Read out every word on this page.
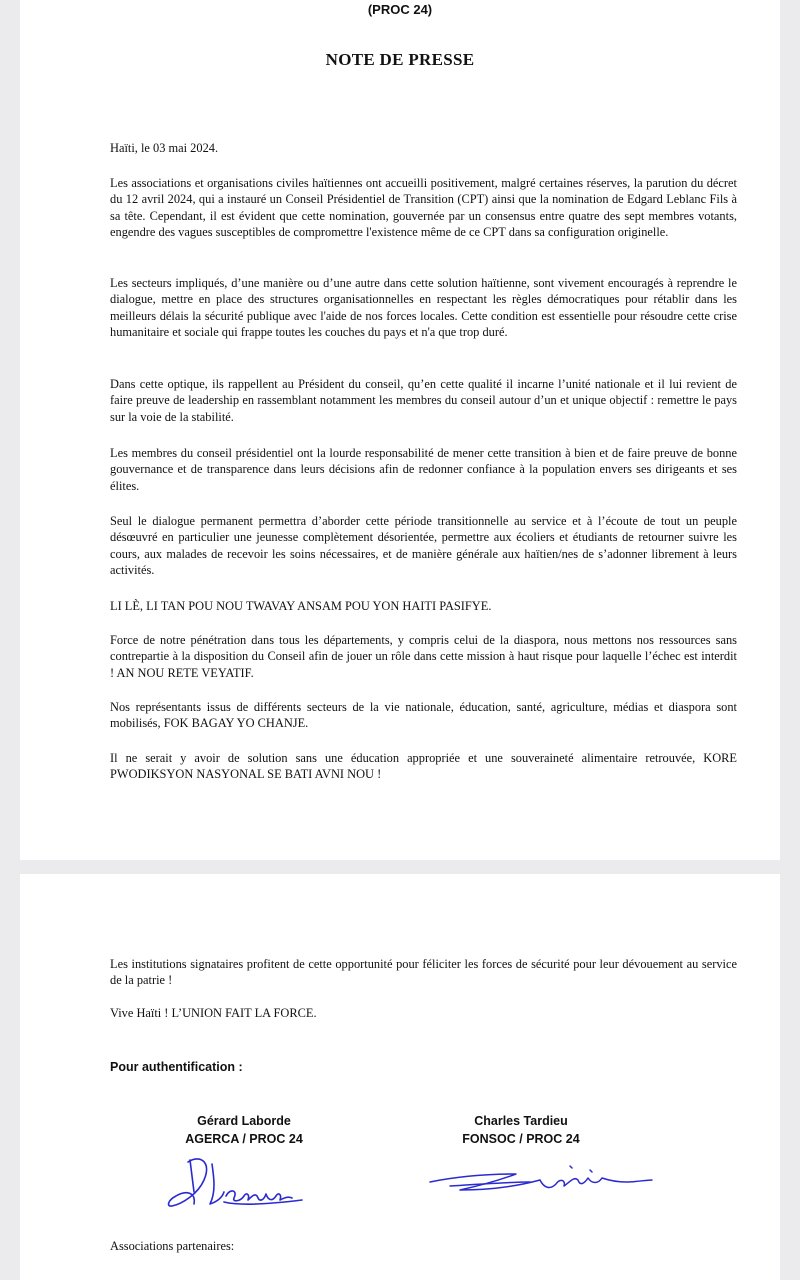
(PROC 24)
NOTE DE PRESSE

Haïti, le 03 mai 2024.

Les associations et organisations civiles haïtiennes ont accueilli positivement, malgré certaines réserves, la parution du décret du 12 avril 2024, qui a instauré un Conseil Présidentiel de Transition (CPT) ainsi que la nomination de Edgard Leblanc Fils à sa tête. Cependant, il est évident que cette nomination, gouvernée par un consensus entre quatre des sept membres votants, engendre des vagues susceptibles de compromettre l'existence même de ce CPT dans sa configuration originelle.

Les secteurs impliqués, d’une manière ou d’une autre dans cette solution haïtienne, sont vivement encouragés à reprendre le dialogue, mettre en place des structures organisationnelles en respectant les règles démocratiques pour rétablir dans les meilleurs délais la sécurité publique avec l'aide de nos forces locales. Cette condition est essentielle pour résoudre cette crise humanitaire et sociale qui frappe toutes les couches du pays et n'a que trop duré.

Dans cette optique, ils rappellent au Président du conseil, qu’en cette qualité il incarne l’unité nationale et il lui revient de faire preuve de leadership en rassemblant notamment les membres du conseil autour d’un et unique objectif : remettre le pays sur la voie de la stabilité.

Les membres du conseil présidentiel ont la lourde responsabilité de mener cette transition à bien et de faire preuve de bonne gouvernance et de transparence dans leurs décisions afin de redonner confiance à la population envers ses dirigeants et ses élites.

Seul le dialogue permanent permettra d’aborder cette période transitionnelle au service et à l’écoute de tout un peuple désœuvré en particulier une jeunesse complètement désorientée, permettre aux écoliers et étudiants de retourner suivre les cours, aux malades de recevoir les soins nécessaires, et de manière générale aux haïtien/nes de s’adonner librement à leurs activités.

LI LÈ, LI TAN POU NOU TWAVAY ANSAM POU YON HAITI PASIFYE.

Force de notre pénétration dans tous les départements, y compris celui de la diaspora, nous mettons nos ressources sans contrepartie à la disposition du Conseil afin de jouer un rôle dans cette mission à haut risque pour laquelle l’échec est interdit ! AN NOU RETE VEYATIF.

Nos représentants issus de différents secteurs de la vie nationale, éducation, santé, agriculture, médias et diaspora sont mobilisés, FOK BAGAY YO CHANJE.

Il ne serait y avoir de solution sans une éducation appropriée et une souveraineté alimentaire retrouvée, KORE PWODIKSYON NASYONAL SE BATI AVNI NOU !

Les institutions signataires profitent de cette opportunité pour féliciter les forces de sécurité pour leur dévouement au service de la patrie !

Vive Haïti ! L’UNION FAIT LA FORCE.

Pour authentification :

Gérard Laborde
AGERCA / PROC 24
Charles Tardieu
FONSOC / PROC 24

Associations partenaires:
